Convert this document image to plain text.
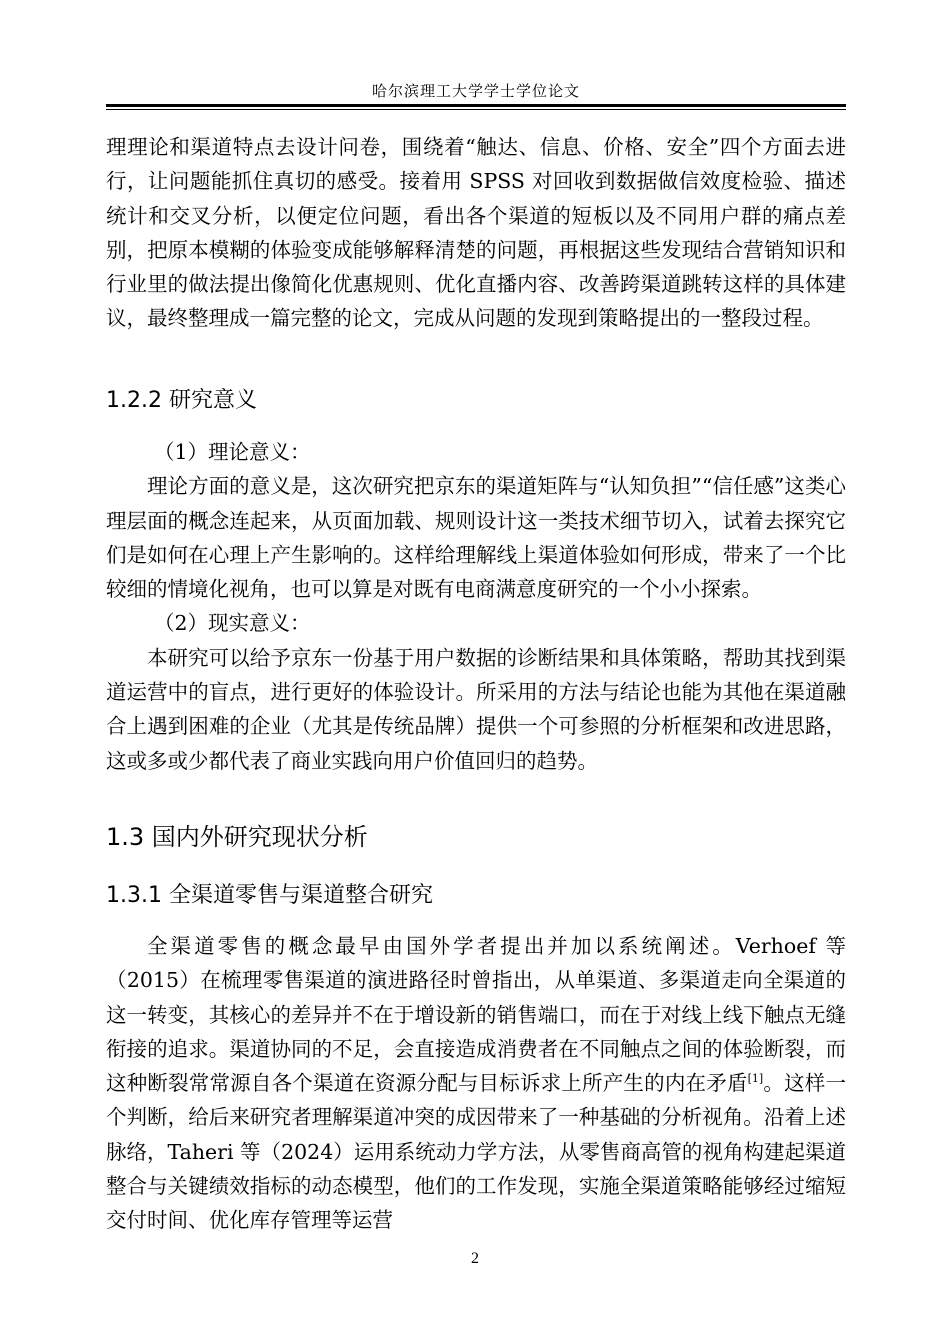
哈尔滨理工大学学士学位论文

理理论和渠道特点去设计问卷，围绕着“触达、信息、价格、安全”四个方面去进行，让问题能抓住真切的感受。接着用 SPSS 对回收到数据做信效度检验、描述统计和交叉分析，以便定位问题，看出各个渠道的短板以及不同用户群的痛点差别，把原本模糊的体验变成能够解释清楚的问题，再根据这些发现结合营销知识和行业里的做法提出像简化优惠规则、优化直播内容、改善跨渠道跳转这样的具体建议，最终整理成一篇完整的论文，完成从问题的发现到策略提出的一整段过程。

1.2.2 研究意义

（1）理论意义：

理论方面的意义是，这次研究把京东的渠道矩阵与“认知负担”“信任感”这类心理层面的概念连起来，从页面加载、规则设计这一类技术细节切入，试着去探究它们是如何在心理上产生影响的。这样给理解线上渠道体验如何形成，带来了一个比较细的情境化视角，也可以算是对既有电商满意度研究的一个小小探索。

（2）现实意义：

本研究可以给予京东一份基于用户数据的诊断结果和具体策略，帮助其找到渠道运营中的盲点，进行更好的体验设计。所采用的方法与结论也能为其他在渠道融合上遇到困难的企业（尤其是传统品牌）提供一个可参照的分析框架和改进思路，这或多或少都代表了商业实践向用户价值回归的趋势。

1.3 国内外研究现状分析
1.3.1 全渠道零售与渠道整合研究

全渠道零售的概念最早由国外学者提出并加以系统阐述。Verhoef 等（2015）在梳理零售渠道的演进路径时曾指出，从单渠道、多渠道走向全渠道的这一转变，其核心的差异并不在于增设新的销售端口，而在于对线上线下触点无缝衔接的追求。渠道协同的不足，会直接造成消费者在不同触点之间的体验断裂，而这种断裂常常源自各个渠道在资源分配与目标诉求上所产生的内在矛盾[1]。这样一个判断，给后来研究者理解渠道冲突的成因带来了一种基础的分析视角。沿着上述脉络，Taheri 等（2024）运用系统动力学方法，从零售商高管的视角构建起渠道整合与关键绩效指标的动态模型，他们的工作发现，实施全渠道策略能够经过缩短交付时间、优化库存管理等运营

2
